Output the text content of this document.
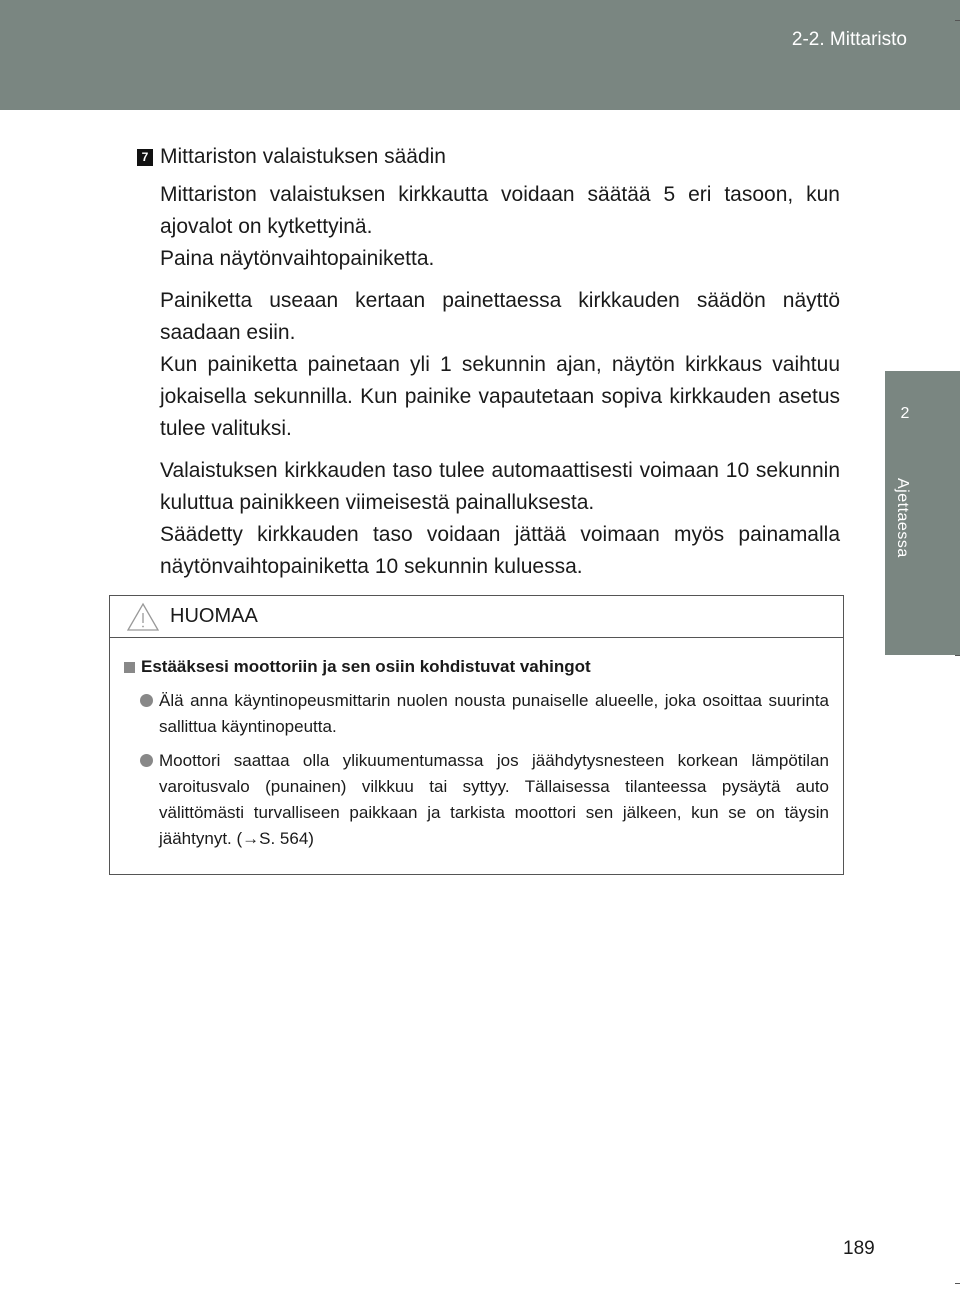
2-2. Mittaristo
2
Ajettaessa
7 Mittariston valaistuksen säädin
Mittariston valaistuksen kirkkautta voidaan säätää 5 eri tasoon, kun ajovalot on kytkettyinä.
Paina näytönvaihtopainiketta.
Painiketta useaan kertaan painettaessa kirkkauden säädön näyttö saadaan esiin.
Kun painiketta painetaan yli 1 sekunnin ajan, näytön kirkkaus vaihtuu jokaisella sekunnilla. Kun painike vapautetaan sopiva kirkkauden asetus tulee valituksi.
Valaistuksen kirkkauden taso tulee automaattisesti voimaan 10 sekunnin kuluttua painikkeen viimeisestä painalluksesta.
Säädetty kirkkauden taso voidaan jättää voimaan myös painamalla näytönvaihtopainiketta 10 sekunnin kuluessa.
HUOMAA
Estääksesi moottoriin ja sen osiin kohdistuvat vahingot
Älä anna käyntinopeusmittarin nuolen nousta punaiselle alueelle, joka osoittaa suurinta sallittua käyntinopeutta.
Moottori saattaa olla ylikuumentumassa jos jäähdytysnesteen korkean lämpötilan varoitusvalo (punainen) vilkkuu tai syttyy. Tällaisessa tilanteessa pysäytä auto välittömästi turvalliseen paikkaan ja tarkista moottori sen jälkeen, kun se on täysin jäähtynyt. (→S. 564)
189
